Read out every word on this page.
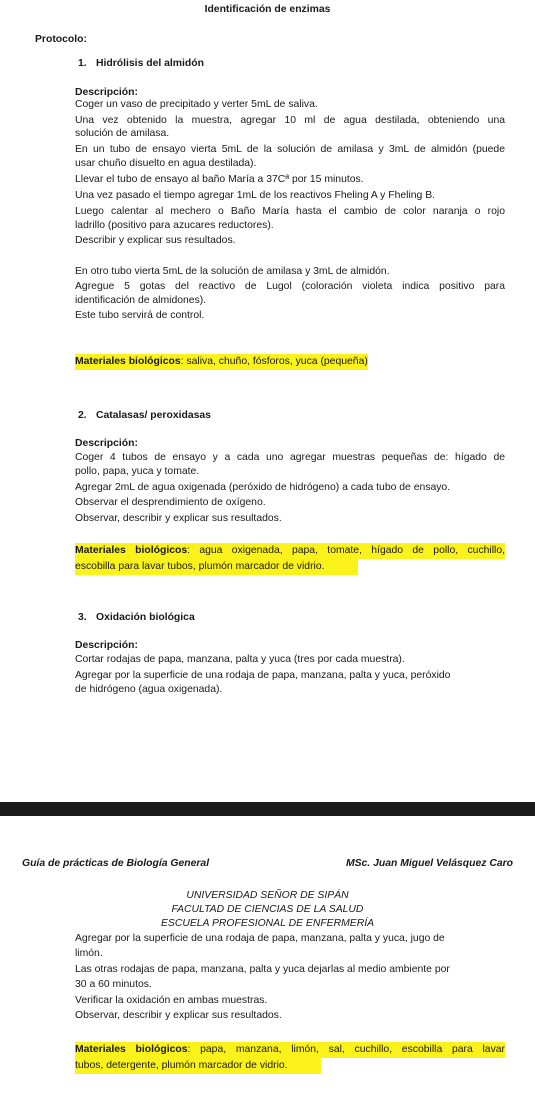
Identificación de enzimas
Protocolo:
1. Hidrólisis del almidón
Descripción:
Coger un vaso de precipitado y verter 5mL de saliva.
Una vez obtenido la muestra, agregar 10 ml de agua destilada, obteniendo una
solución de amilasa.
En un tubo de ensayo vierta 5mL de la solución de amilasa y 3mL de almidón (puede
usar chuño disuelto en agua destilada).
Llevar el tubo de ensayo al baño María a 37Cª por 15 minutos.
Una vez pasado el tiempo agregar 1mL de los reactivos Fheling A y Fheling B.
Luego calentar al mechero o Baño María hasta el cambio de color naranja o rojo
ladrillo (positivo para azucares reductores).
Describir y explicar sus resultados.
En otro tubo vierta 5mL de la solución de amilasa y 3mL de almidón.
Agregue 5 gotas del reactivo de Lugol (coloración violeta indica positivo para
identificación de almidones).
Este tubo servirá de control.
Materiales biológicos: saliva, chuño, fósforos, yuca (pequeña)
2. Catalasas/ peroxidasas
Descripción:
Coger 4 tubos de ensayo y a cada uno agregar muestras pequeñas de: hígado de
pollo, papa, yuca y tomate.
Agregar 2mL de agua oxigenada (peróxido de hidrógeno) a cada tubo de ensayo.
Observar el desprendimiento de oxígeno.
Observar, describir y explicar sus resultados.
Materiales biológicos: agua oxigenada, papa, tomate, hígado de pollo, cuchillo,
escobilla para lavar tubos, plumón marcador de vidrio.
3. Oxidación biológica
Descripción:
Cortar rodajas de papa, manzana, palta y yuca (tres por cada muestra).
Agregar por la superficie de una rodaja de papa, manzana, palta y yuca, peróxido
de hidrógeno (agua oxigenada).
Guía de prácticas de Biología General	MSc. Juan Miguel Velásquez Caro
UNIVERSIDAD SEÑOR DE SIPÁN
FACULTAD DE CIENCIAS DE LA SALUD
ESCUELA PROFESIONAL DE ENFERMERÍA
Agregar por la superficie de una rodaja de papa, manzana, palta y yuca, jugo de
limón.
Las otras rodajas de papa, manzana, palta y yuca dejarlas al medio ambiente por
30 a 60 minutos.
Verificar la oxidación en ambas muestras.
Observar, describir y explicar sus resultados.
Materiales biológicos: papa, manzana, limón, sal, cuchillo, escobilla para lavar
tubos, detergente, plumón marcador de vidrio.
